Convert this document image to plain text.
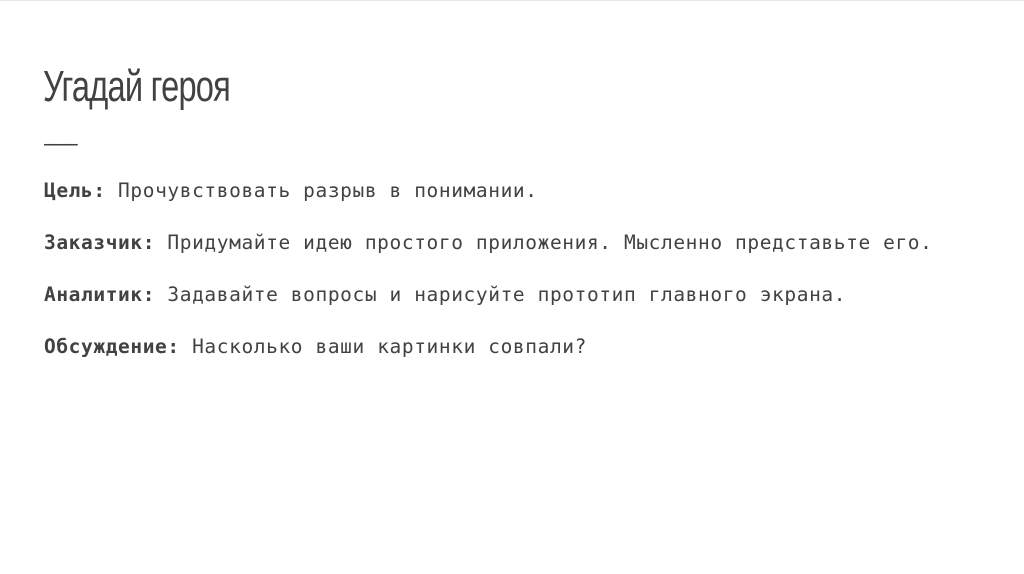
Угадай героя
———

Цель: Прочувствовать разрыв в понимании.

Заказчик: Придумайте идею простого приложения. Мысленно представьте его.

Аналитик: Задавайте вопросы и нарисуйте прототип главного экрана.

Обсуждение: Насколько ваши картинки совпали?
